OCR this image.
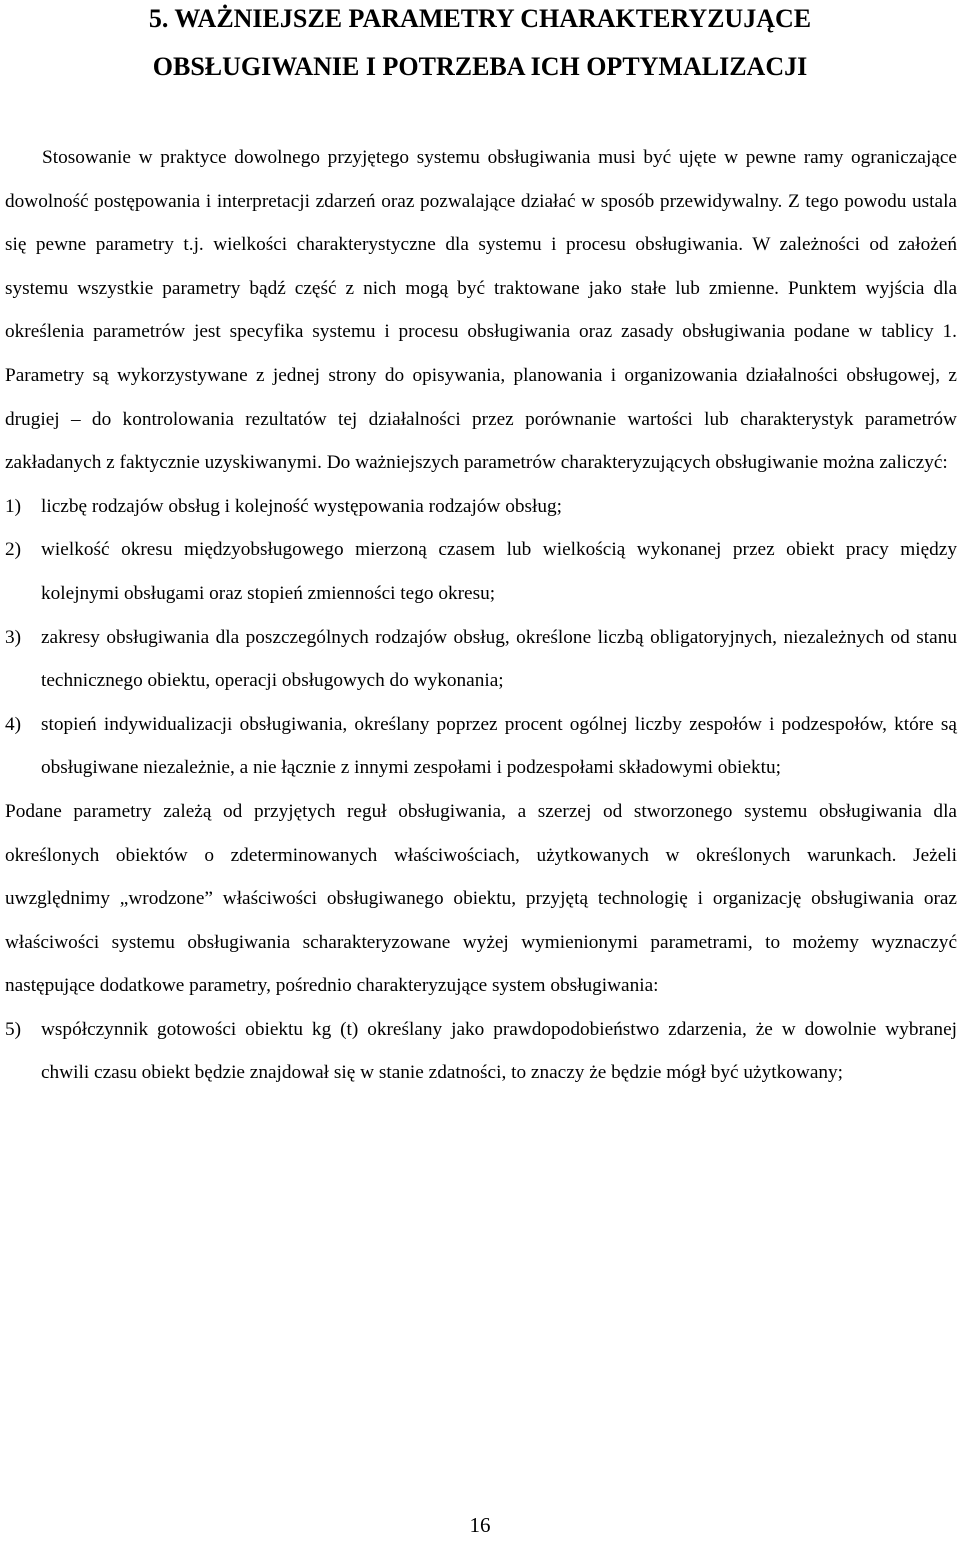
5. WAŻNIEJSZE PARAMETRY CHARAKTERYZUJĄCE
OBSŁUGIWANIE I POTRZEBA ICH OPTYMALIZACJI

Stosowanie w praktyce dowolnego przyjętego systemu obsługiwania musi być ujęte w pewne ramy ograniczające dowolność postępowania i interpretacji zdarzeń oraz pozwalające działać w sposób przewidywalny. Z tego powodu ustala się pewne parametry t.j. wielkości charakterystyczne dla systemu i procesu obsługiwania. W zależności od założeń systemu wszystkie parametry bądź część z nich mogą być traktowane jako stałe lub zmienne. Punktem wyjścia dla określenia parametrów jest specyfika systemu i procesu obsługiwania oraz zasady obsługiwania podane w tablicy 1. Parametry są wykorzystywane z jednej strony do opisywania, planowania i organizowania działalności obsługowej, z drugiej – do kontrolowania rezultatów tej działalności przez porównanie wartości lub charakterystyk parametrów zakładanych z faktycznie uzyskiwanymi. Do ważniejszych parametrów charakteryzujących obsługiwanie można zaliczyć:

1)	liczbę rodzajów obsług i kolejność występowania rodzajów obsług;
2)	wielkość okresu międzyobsługowego mierzoną czasem lub wielkością wykonanej przez obiekt pracy między kolejnymi obsługami oraz stopień zmienności tego okresu;
3)	zakresy obsługiwania dla poszczególnych rodzajów obsług, określone liczbą obligatoryjnych, niezależnych od stanu technicznego obiektu, operacji obsługowych do wykonania;
4)	stopień indywidualizacji obsługiwania, określany poprzez procent ogólnej liczby zespołów i podzespołów, które są obsługiwane niezależnie, a nie łącznie z innymi zespołami i podzespołami składowymi obiektu;

Podane parametry zależą od przyjętych reguł obsługiwania, a szerzej od stworzonego systemu obsługiwania dla określonych obiektów o zdeterminowanych właściwościach, użytkowanych w określonych warunkach. Jeżeli uwzględnimy „wrodzone” właściwości obsługiwanego obiektu, przyjętą technologię i organizację obsługiwania oraz właściwości systemu obsługiwania scharakteryzowane wyżej wymienionymi parametrami, to możemy wyznaczyć następujące dodatkowe parametry, pośrednio charakteryzujące system obsługiwania:

5)	współczynnik gotowości obiektu kg (t) określany jako prawdopodobieństwo zdarzenia, że w dowolnie wybranej chwili czasu obiekt będzie znajdował się w stanie zdatności, to znaczy że będzie mógł być użytkowany;
16
